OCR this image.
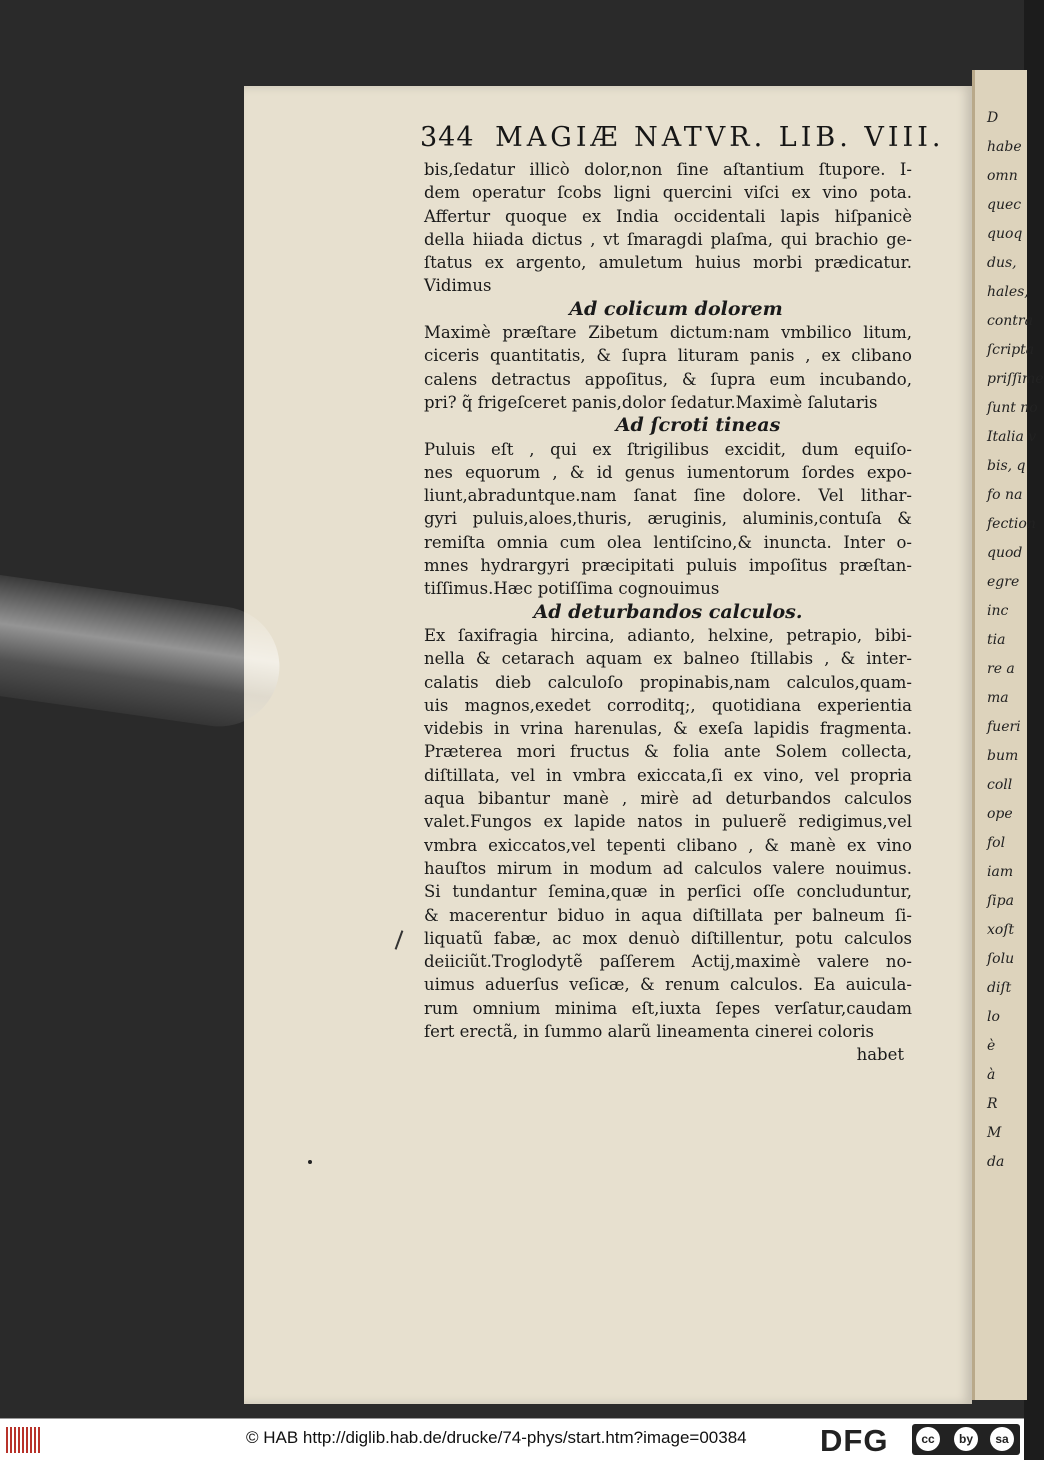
D
habe
omn
quec
quoq
dus,
hales,
contra
ſcripta
priſſime
ſunt no
Italia v
bis, q
fo na
fection
quod
egre
inc
tia
re a
ma
fueri
bum
coll
ope
fol
iam
ſipa
xoſt
ſolu
diſt
lo
è
à
R
M
da
344 MAGIÆ NATVR. LIB. VIII.
bis,ſedatur illicò dolor,non ſine aſtantium ſtupore. I-
dem operatur ſcobs ligni quercini viſci ex vino pota.
Affertur quoque ex India occidentali lapis hiſpanicè
della hiiada dictus , vt ſmaragdi plaſma, qui brachio ge-
ſtatus ex argento, amuletum huius morbi prædicatur.
Vidimus
Ad colicum dolorem
Maximè præſtare Zibetum dictum:nam vmbilico litum,
ciceris quantitatis, & ſupra lituram panis , ex clibano
calens detractus appoſitus, & ſupra eum incubando,
pri? q̃ frigeſceret panis,dolor ſedatur.Maximè ſalutaris
Ad ſcroti tineas
Puluis eſt , qui ex ſtrigilibus excidit, dum equiſo-
nes equorum , & id genus iumentorum ſordes expo-
liunt,abraduntque.nam ſanat ſine dolore. Vel lithar-
gyri puluis,aloes,thuris, æruginis, aluminis,contuſa &
remiſta omnia cum olea lentiſcino,& inuncta. Inter o-
mnes hydrargyri præcipitati puluis impoſitus præſtan-
tiſſimus.Hæc potiſſima cognouimus
Ad deturbandos calculos.
Ex ſaxifragia hircina, adianto, helxine, petrapio, bibi-
nella & cetarach aquam ex balneo ſtillabis , & inter-
calatis dieb calculoſo propinabis,nam calculos,quam-
uis magnos,exedet corroditq;, quotidiana experientia
videbis in vrina harenulas, & exeſa lapidis fragmenta.
Præterea mori fructus & folia ante Solem collecta,
diſtillata, vel in vmbra exiccata,ſi ex vino, vel propria
aqua bibantur manè , mirè ad deturbandos calculos
valet.Fungos ex lapide natos in puluerẽ redigimus,vel
vmbra exiccatos,vel tepenti clibano , & manè ex vino
hauſtos mirum in modum ad calculos valere nouimus.
Si tundantur ſemina,quæ in perſici oſſe concluduntur,
& macerentur biduo in aqua diſtillata per balneum ſi-
liquatũ fabæ, ac mox denuò diſtillentur, potu calculos
deiiciũt.Troglodytẽ paſſerem Actij,maximè valere no-
uimus aduerſus veſicæ, & renum calculos. Ea auicula-
rum omnium minima eſt,iuxta ſepes verſatur,caudam
fert erectã, in ſummo alarũ lineamenta cinerei coloris
habet
© HAB http://diglib.hab.de/drucke/74-phys/start.htm?image=00384 DFG	cc	by	sa
